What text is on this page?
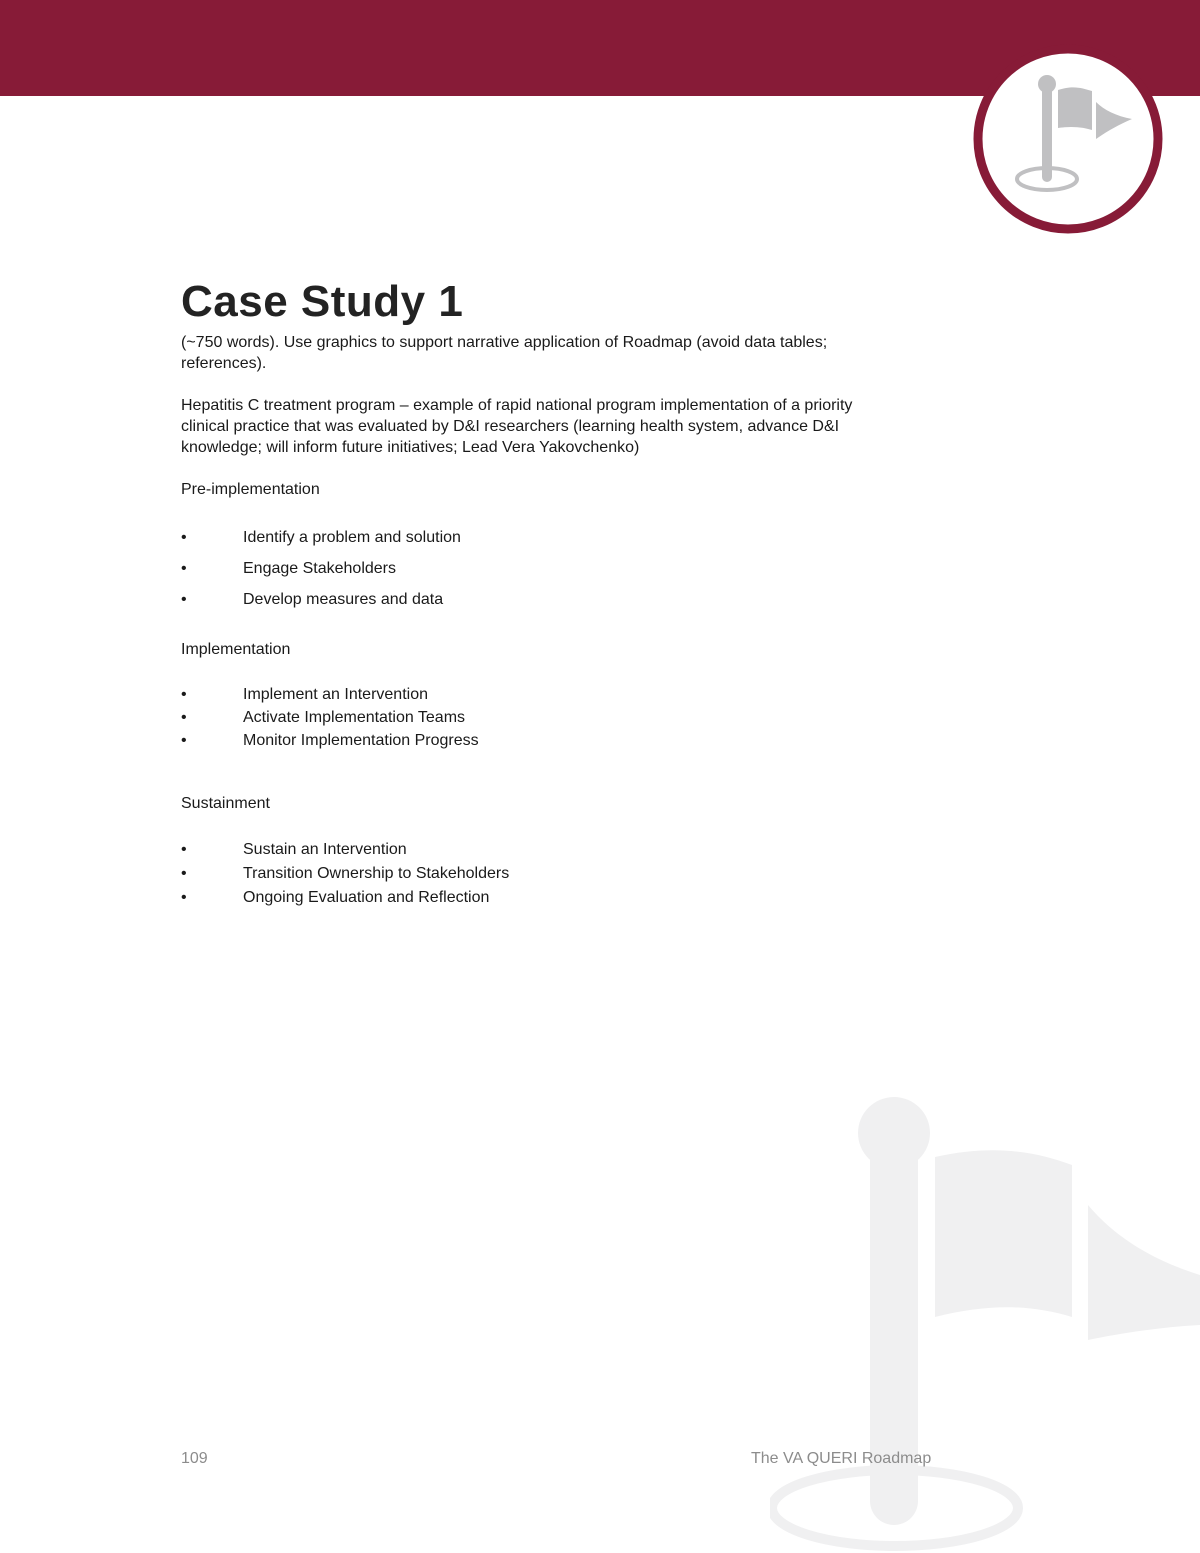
Case Study 1

(~750 words). Use graphics to support narrative application of Roadmap (avoid data tables; references).

Hepatitis C treatment program – example of rapid national program implementation of a priority clinical practice that was evaluated by D&I researchers (learning health system, advance D&I knowledge; will inform future initiatives; Lead Vera Yakovchenko)

Pre-implementation
•	Identify a problem and solution
•	Engage Stakeholders
•	Develop measures and data
Implementation
•	Implement an Intervention
•	Activate Implementation Teams
•	Monitor Implementation Progress
Sustainment
•	Sustain an Intervention
•	Transition Ownership to Stakeholders
•	Ongoing Evaluation and Reflection
109	The VA QUERI Roadmap
